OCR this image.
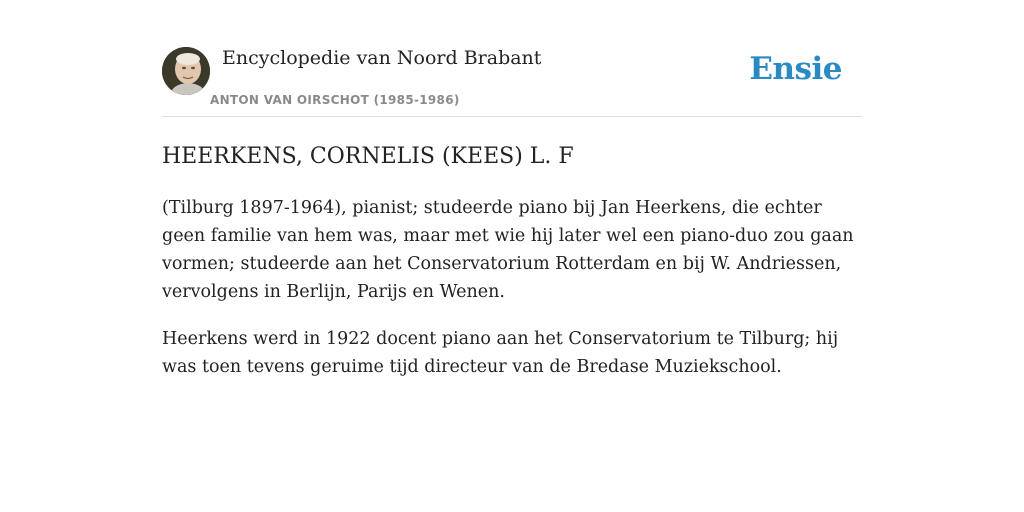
Encyclopedie van Noord Brabant
ANTON VAN OIRSCHOT (1985-1986)
Ensie
HEERKENS, CORNELIS (KEES) L. F

(Tilburg 1897-1964), pianist; studeerde piano bij Jan Heerkens, die echter geen familie van hem was, maar met wie hij later wel een piano-duo zou gaan vormen; studeerde aan het Conservatorium Rotterdam en bij W. Andriessen, vervolgens in Berlijn, Parijs en Wenen.

Heerkens werd in 1922 docent piano aan het Conservatorium te Tilburg; hij was toen tevens geruime tijd directeur van de Bredase Muziekschool.
